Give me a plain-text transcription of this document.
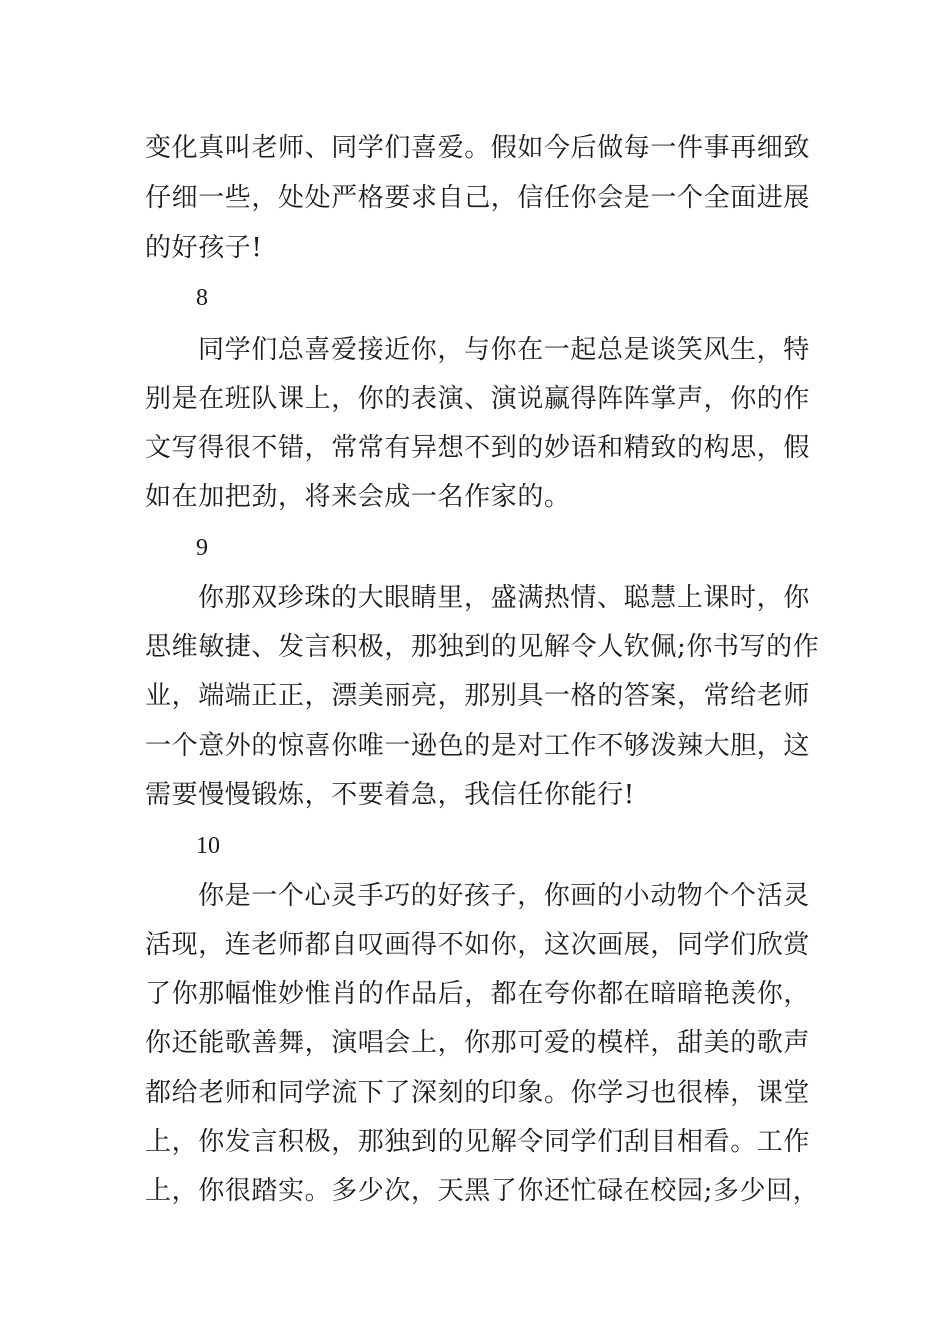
变化真叫老师、同学们喜爱。假如今后做每一件事再细致
仔细一些，处处严格要求自己，信任你会是一个全面进展
的好孩子!
8
同学们总喜爱接近你，与你在一起总是谈笑风生，特
别是在班队课上，你的表演、演说赢得阵阵掌声，你的作
文写得很不错，常常有异想不到的妙语和精致的构思，假
如在加把劲，将来会成一名作家的。
9
你那双珍珠的大眼睛里，盛满热情、聪慧上课时，你
思维敏捷、发言积极，那独到的见解令人钦佩;你书写的作
业，端端正正，漂美丽亮，那别具一格的答案，常给老师
一个意外的惊喜你唯一逊色的是对工作不够泼辣大胆，这
需要慢慢锻炼，不要着急，我信任你能行!
10
你是一个心灵手巧的好孩子，你画的小动物个个活灵
活现，连老师都自叹画得不如你，这次画展，同学们欣赏
了你那幅惟妙惟肖的作品后，都在夸你都在暗暗艳羡你，
你还能歌善舞，演唱会上，你那可爱的模样，甜美的歌声
都给老师和同学流下了深刻的印象。你学习也很棒，课堂
上，你发言积极，那独到的见解令同学们刮目相看。工作
上，你很踏实。多少次，天黑了你还忙碌在校园;多少回，
